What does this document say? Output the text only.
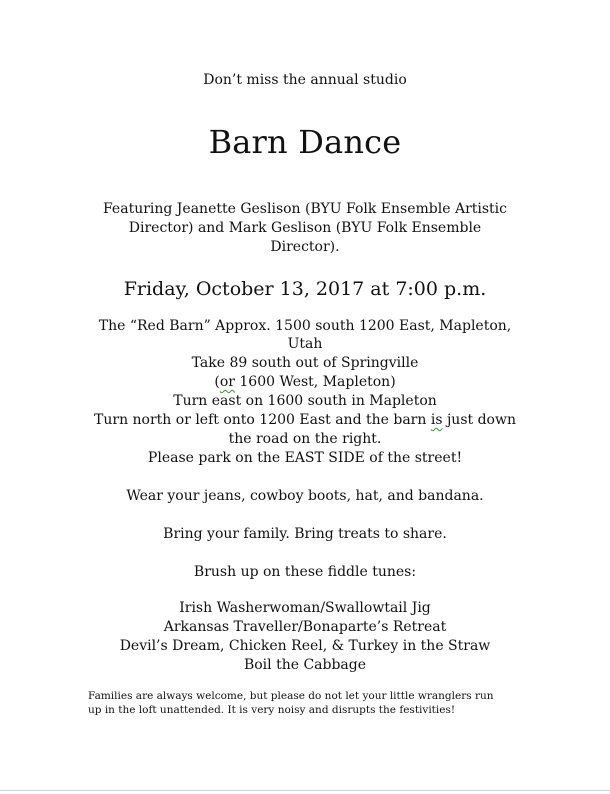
Don’t miss the annual studio
Barn Dance
Featuring Jeanette Geslison (BYU Folk Ensemble Artistic
Director) and Mark Geslison (BYU Folk Ensemble
Director).
Friday, October 13, 2017 at 7:00 p.m.
The “Red Barn” Approx. 1500 south 1200 East, Mapleton,
Utah
Take 89 south out of Springville
(or 1600 West, Mapleton)
Turn east on 1600 south in Mapleton
Turn north or left onto 1200 East and the barn is just down
the road on the right.
Please park on the EAST SIDE of the street!
Wear your jeans, cowboy boots, hat, and bandana.
Bring your family. Bring treats to share.
Brush up on these fiddle tunes:
Irish Washerwoman/Swallowtail Jig
Arkansas Traveller/Bonaparte’s Retreat
Devil’s Dream, Chicken Reel, & Turkey in the Straw
Boil the Cabbage
Families are always welcome, but please do not let your little wranglers run
up in the loft unattended. It is very noisy and disrupts the festivities!
